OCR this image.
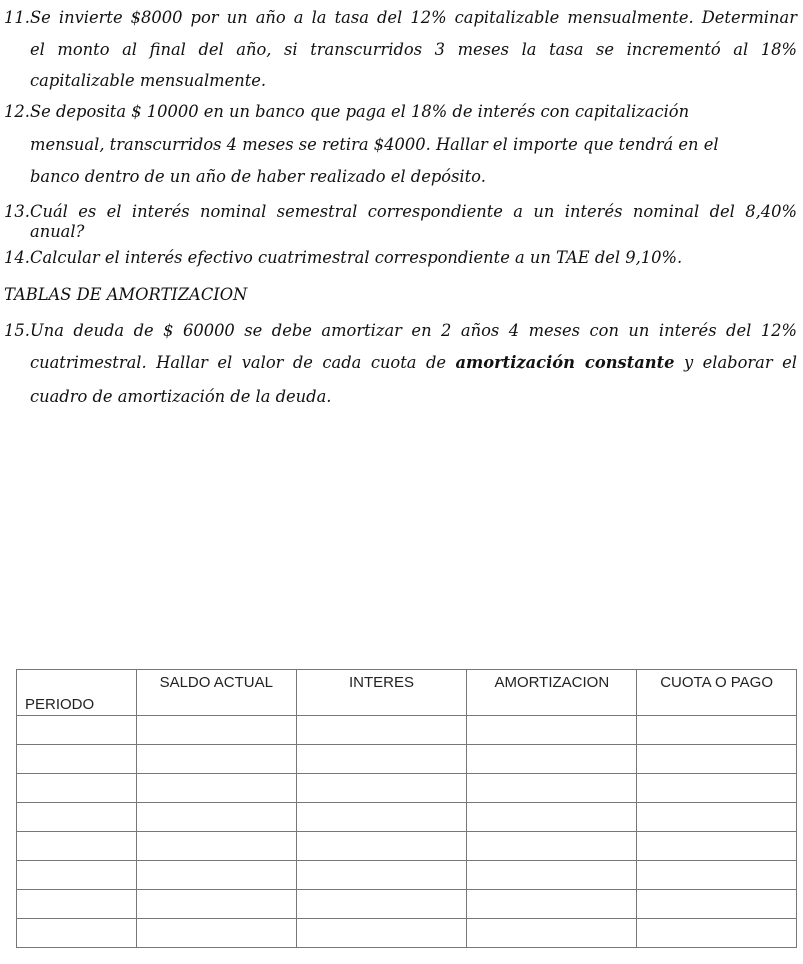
11. Se invierte $8000 por un año a la tasa del 12% capitalizable mensualmente. Determinar
el monto al final del año, si transcurridos 3 meses la tasa se incrementó al 18%
capitalizable mensualmente.
12. Se deposita $ 10000 en un banco que paga el 18% de interés con capitalización
mensual, transcurridos 4 meses se retira $4000. Hallar el importe que tendrá en el
banco dentro de un año de haber realizado el depósito.
13. Cuál es el interés nominal semestral correspondiente a un interés nominal del 8,40%
anual?
14. Calcular el interés efectivo cuatrimestral correspondiente a un TAE del 9,10%.
TABLAS DE AMORTIZACION
15. Una deuda de $ 60000 se debe amortizar en 2 años 4 meses con un interés del 12%
cuatrimestral. Hallar el valor de cada cuota de amortización constante y elaborar el
cuadro de amortización de la deuda.
PERIODO	SALDO ACTUAL	INTERES	AMORTIZACION	CUOTA O PAGO
